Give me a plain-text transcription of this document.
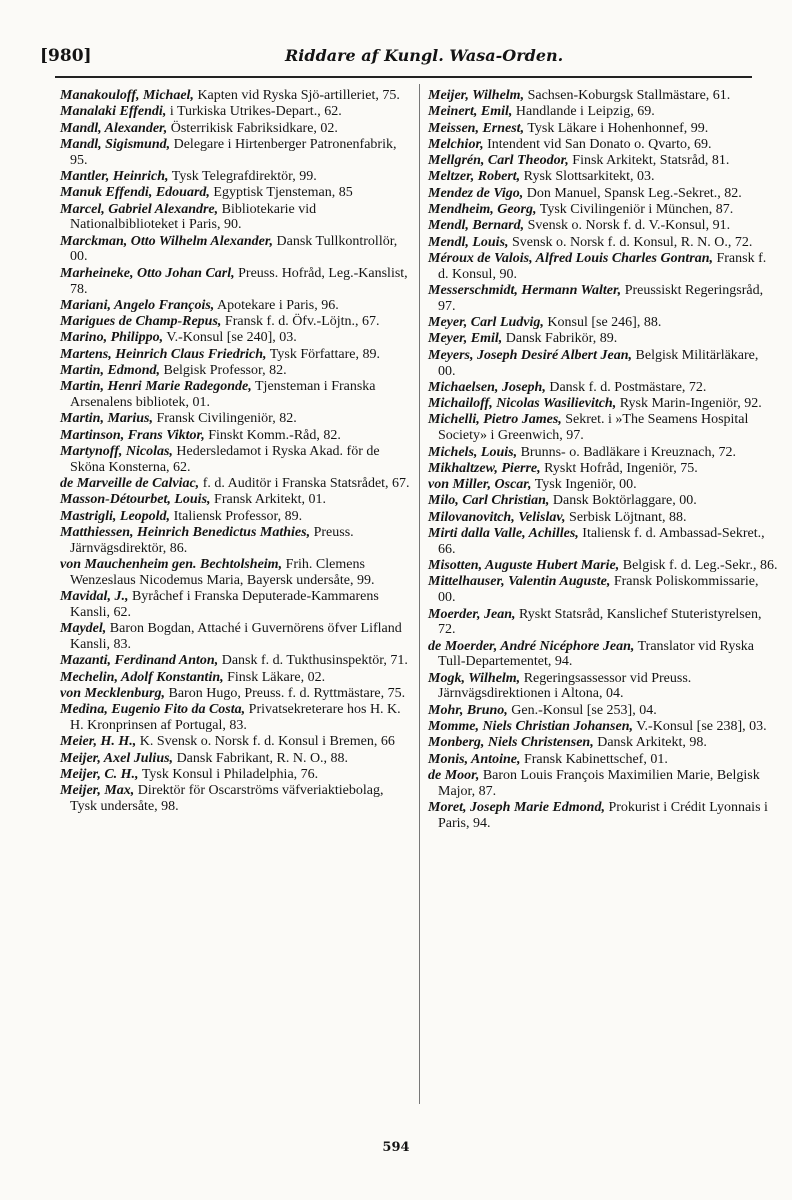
[980]	Riddare af Kungl. Wasa-Orden.

Manakouloff, Michael, Kapten vid Ryska Sjö-artilleriet, 75.

Manalaki Effendi, i Turkiska Utrikes-Depart., 62.

Mandl, Alexander, Österrikisk Fabriksidkare, 02.

Mandl, Sigismund, Delegare i Hirtenberger Patronenfabrik, 95.

Mantler, Heinrich, Tysk Telegrafdirektör, 99.

Manuk Effendi, Edouard, Egyptisk Tjensteman, 85

Marcel, Gabriel Alexandre, Bibliotekarie vid Nationalbiblioteket i Paris, 90.

Marckman, Otto Wilhelm Alexander, Dansk Tullkontrollör, 00.

Marheineke, Otto Johan Carl, Preuss. Hofråd, Leg.-Kanslist, 78.

Mariani, Angelo François, Apotekare i Paris, 96.

Marigues de Champ-Repus, Fransk f. d. Öfv.-Löjtn., 67.

Marino, Philippo, V.-Konsul [se 240], 03.

Martens, Heinrich Claus Friedrich, Tysk Författare, 89.

Martin, Edmond, Belgisk Professor, 82.

Martin, Henri Marie Radegonde, Tjensteman i Franska Arsenalens bibliotek, 01.

Martin, Marius, Fransk Civilingeniör, 82.

Martinson, Frans Viktor, Finskt Komm.-Råd, 82.

Martynoff, Nicolas, Hedersledamot i Ryska Akad. för de Sköna Konsterna, 62.

de Marveille de Calviac, f. d. Auditör i Franska Statsrådet, 67.

Masson-Détourbet, Louis, Fransk Arkitekt, 01.

Mastrigli, Leopold, Italiensk Professor, 89.

Matthiessen, Heinrich Benedictus Mathies, Preuss. Järnvägsdirektör, 86.

von Mauchenheim gen. Bechtolsheim, Frih. Clemens Wenzeslaus Nicodemus Maria, Bayersk undersåte, 99.

Mavidal, J., Byråchef i Franska Deputerade-Kammarens Kansli, 62.

Maydel, Baron Bogdan, Attaché i Guvernörens öfver Lifland Kansli, 83.

Mazanti, Ferdinand Anton, Dansk f. d. Tukthusinspektör, 71.

Mechelin, Adolf Konstantin, Finsk Läkare, 02.

von Mecklenburg, Baron Hugo, Preuss. f. d. Ryttmästare, 75.

Medina, Eugenio Fito da Costa, Privatsekreterare hos H. K. H. Kronprinsen af Portugal, 83.

Meier, H. H., K. Svensk o. Norsk f. d. Konsul i Bremen, 66

Meijer, Axel Julius, Dansk Fabrikant, R. N. O., 88.

Meijer, C. H., Tysk Konsul i Philadelphia, 76.

Meijer, Max, Direktör för Oscarströms väfveriaktiebolag, Tysk undersåte, 98.

Meijer, Wilhelm, Sachsen-Koburgsk Stallmästare, 61.

Meinert, Emil, Handlande i Leipzig, 69.

Meissen, Ernest, Tysk Läkare i Hohenhonnef, 99.

Melchior, Intendent vid San Donato o. Qvarto, 69.

Mellgrén, Carl Theodor, Finsk Arkitekt, Statsråd, 81.

Meltzer, Robert, Rysk Slottsarkitekt, 03.

Mendez de Vigo, Don Manuel, Spansk Leg.-Sekret., 82.

Mendheim, Georg, Tysk Civilingeniör i München, 87.

Mendl, Bernard, Svensk o. Norsk f. d. V.-Konsul, 91.

Mendl, Louis, Svensk o. Norsk f. d. Konsul, R. N. O., 72.

Méroux de Valois, Alfred Louis Charles Gontran, Fransk f. d. Konsul, 90.

Messerschmidt, Hermann Walter, Preussiskt Regeringsråd, 97.

Meyer, Carl Ludvig, Konsul [se 246], 88.

Meyer, Emil, Dansk Fabrikör, 89.

Meyers, Joseph Desiré Albert Jean, Belgisk Militärläkare, 00.

Michaelsen, Joseph, Dansk f. d. Postmästare, 72.

Michailoff, Nicolas Wasilievitch, Rysk Marin-Ingeniör, 92.

Michelli, Pietro James, Sekret. i »The Seamens Hospital Society» i Greenwich, 97.

Michels, Louis, Brunns- o. Badläkare i Kreuznach, 72.

Mikhaltzew, Pierre, Ryskt Hofråd, Ingeniör, 75.

von Miller, Oscar, Tysk Ingeniör, 00.

Milo, Carl Christian, Dansk Boktörlaggare, 00.

Milovanovitch, Velislav, Serbisk Löjtnant, 88.

Mirti dalla Valle, Achilles, Italiensk f. d. Ambassad-Sekret., 66.

Misotten, Auguste Hubert Marie, Belgisk f. d. Leg.-Sekr., 86.

Mittelhauser, Valentin Auguste, Fransk Poliskommissarie, 00.

Moerder, Jean, Ryskt Statsråd, Kanslichef Stuteristyrelsen, 72.

de Moerder, André Nicéphore Jean, Translator vid Ryska Tull-Departementet, 94.

Mogk, Wilhelm, Regeringsassessor vid Preuss. Järnvägsdirektionen i Altona, 04.

Mohr, Bruno, Gen.-Konsul [se 253], 04.

Momme, Niels Christian Johansen, V.-Konsul [se 238], 03.

Monberg, Niels Christensen, Dansk Arkitekt, 98.

Monis, Antoine, Fransk Kabinettschef, 01.

de Moor, Baron Louis François Maximilien Marie, Belgisk Major, 87.

Moret, Joseph Marie Edmond, Prokurist i Crédit Lyonnais i Paris, 94.

594
